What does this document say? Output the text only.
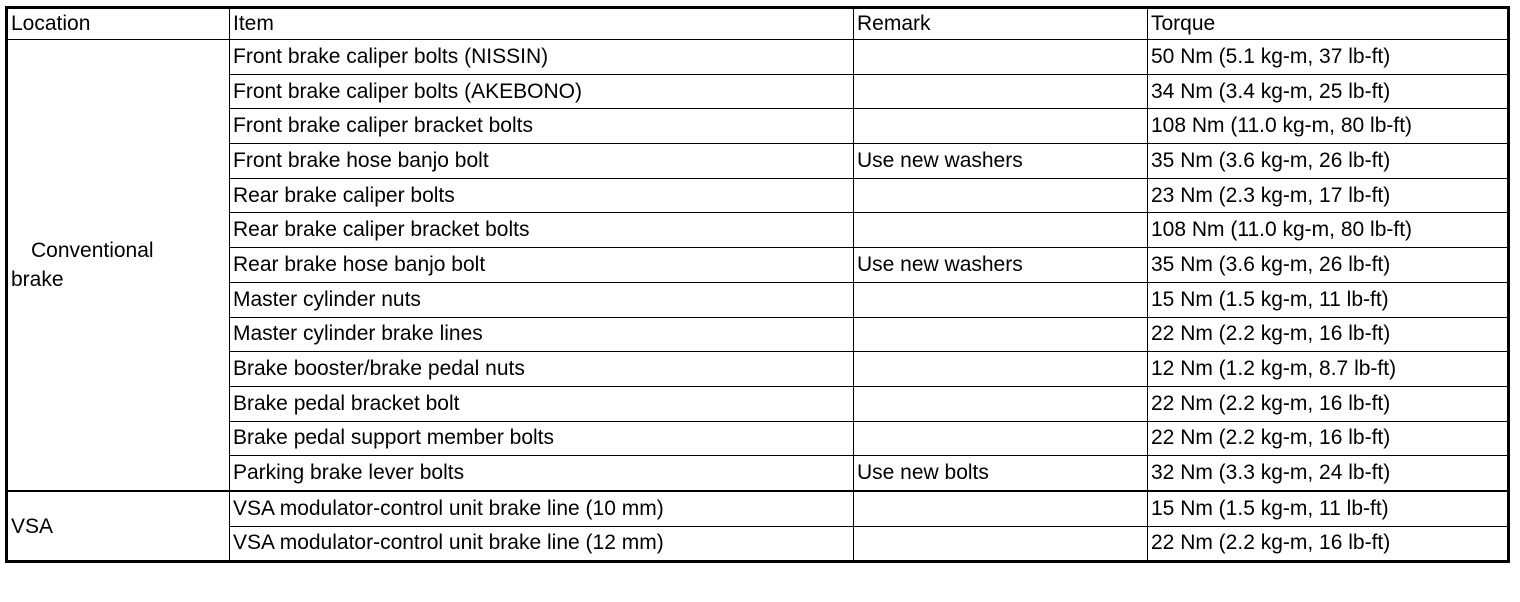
Location	Item	Remark	Torque

Conventional
brake	Front brake caliper bolts (NISSIN)		50 Nm (5.1 kg-m, 37 lb-ft)
	Front brake caliper bolts (AKEBONO)		34 Nm (3.4 kg-m, 25 lb-ft)
	Front brake caliper bracket bolts		108 Nm (11.0 kg-m, 80 lb-ft)
	Front brake hose banjo bolt	Use new washers	35 Nm (3.6 kg-m, 26 lb-ft)
	Rear brake caliper bolts		23 Nm (2.3 kg-m, 17 lb-ft)
	Rear brake caliper bracket bolts		108 Nm (11.0 kg-m, 80 lb-ft)
	Rear brake hose banjo bolt	Use new washers	35 Nm (3.6 kg-m, 26 lb-ft)
	Master cylinder nuts		15 Nm (1.5 kg-m, 11 lb-ft)
	Master cylinder brake lines		22 Nm (2.2 kg-m, 16 lb-ft)
	Brake booster/brake pedal nuts		12 Nm (1.2 kg-m, 8.7 lb-ft)
	Brake pedal bracket bolt		22 Nm (2.2 kg-m, 16 lb-ft)
	Brake pedal support member bolts		22 Nm (2.2 kg-m, 16 lb-ft)
	Parking brake lever bolts	Use new bolts	32 Nm (3.3 kg-m, 24 lb-ft)

VSA	VSA modulator-control unit brake line (10 mm)		15 Nm (1.5 kg-m, 11 lb-ft)
	VSA modulator-control unit brake line (12 mm)		22 Nm (2.2 kg-m, 16 lb-ft)
